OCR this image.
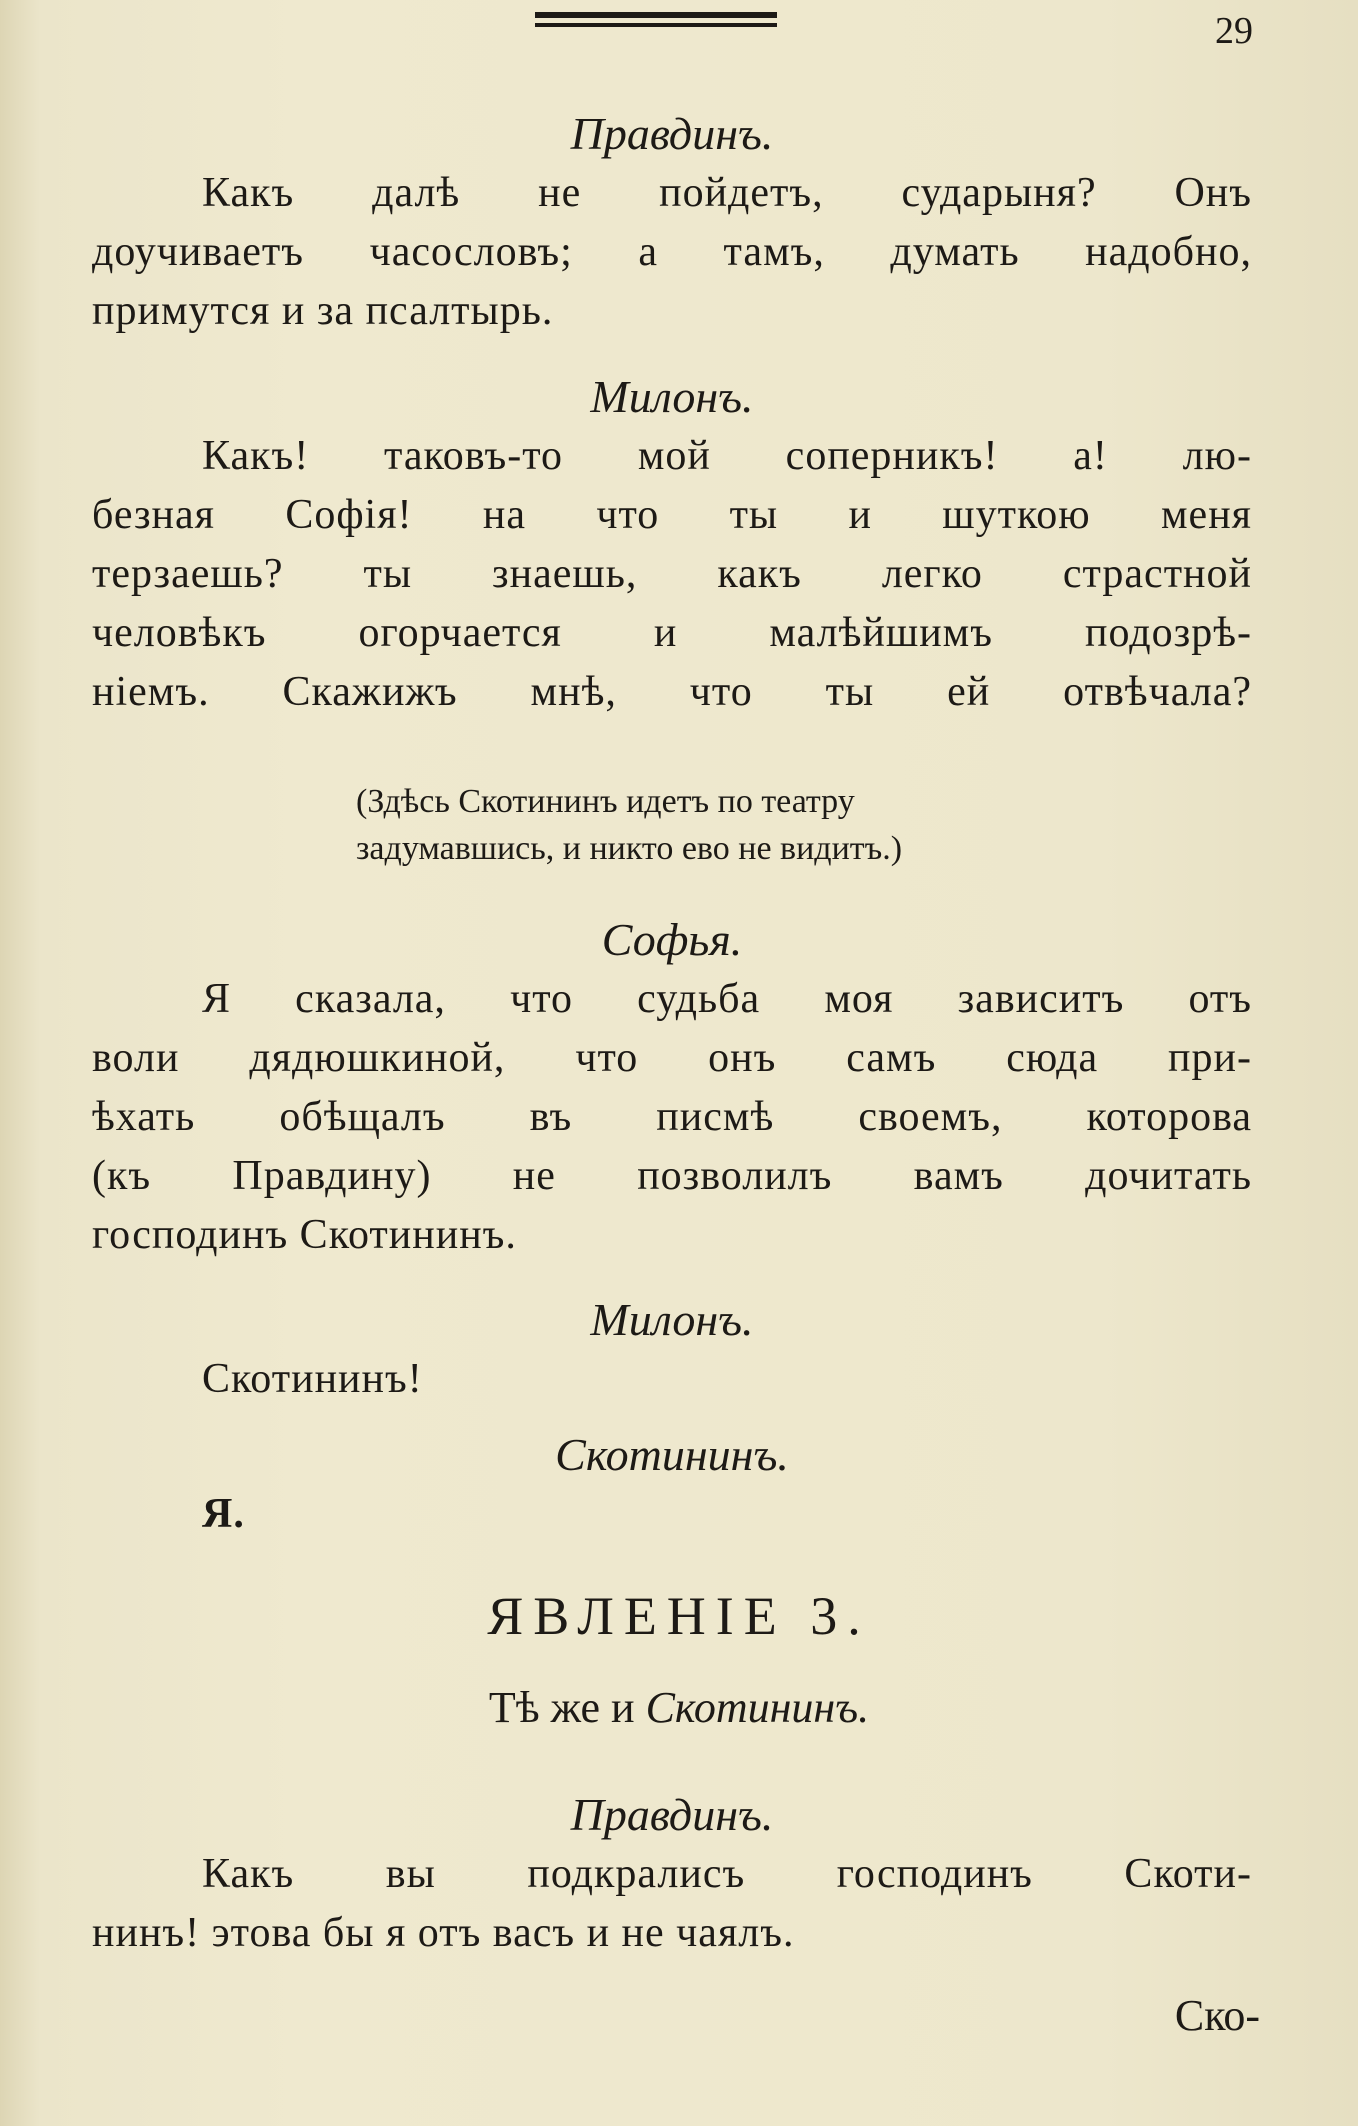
29
Правдинъ.
Какъ далѣ не пойдетъ, сударыня? Онъ
доучиваетъ часословъ; а тамъ, думать надобно,
примутся и за псалтырь.
Милонъ.
Какъ! таковъ-то мой соперникъ! а! лю-
безная Софія! на что ты и шуткою меня
терзаешь? ты знаешь, какъ легко страстной
человѣкъ огорчается и малѣйшимъ подозрѣ-
ніемъ. Скажижъ мнѣ, что ты ей отвѣчала?
(Здѣсь Скотининъ идетъ по театру
задумавшись, и никто ево не видитъ.)
Софья.
Я сказала, что судьба моя зависитъ отъ
воли дядюшкиной, что онъ самъ сюда при-
ѣхать обѣщалъ въ писмѣ своемъ, которова
(къ Правдину) не позволилъ вамъ дочитать
господинъ Скотининъ.
Милонъ.
Скотининъ!
Скотининъ.
Я.
ЯВЛЕНІЕ 3.
Тѣ же и Скотининъ.
Правдинъ.
Какъ вы подкралисъ господинъ Скоти-
нинъ! этова бы я отъ васъ и не чаялъ.
Ско-
